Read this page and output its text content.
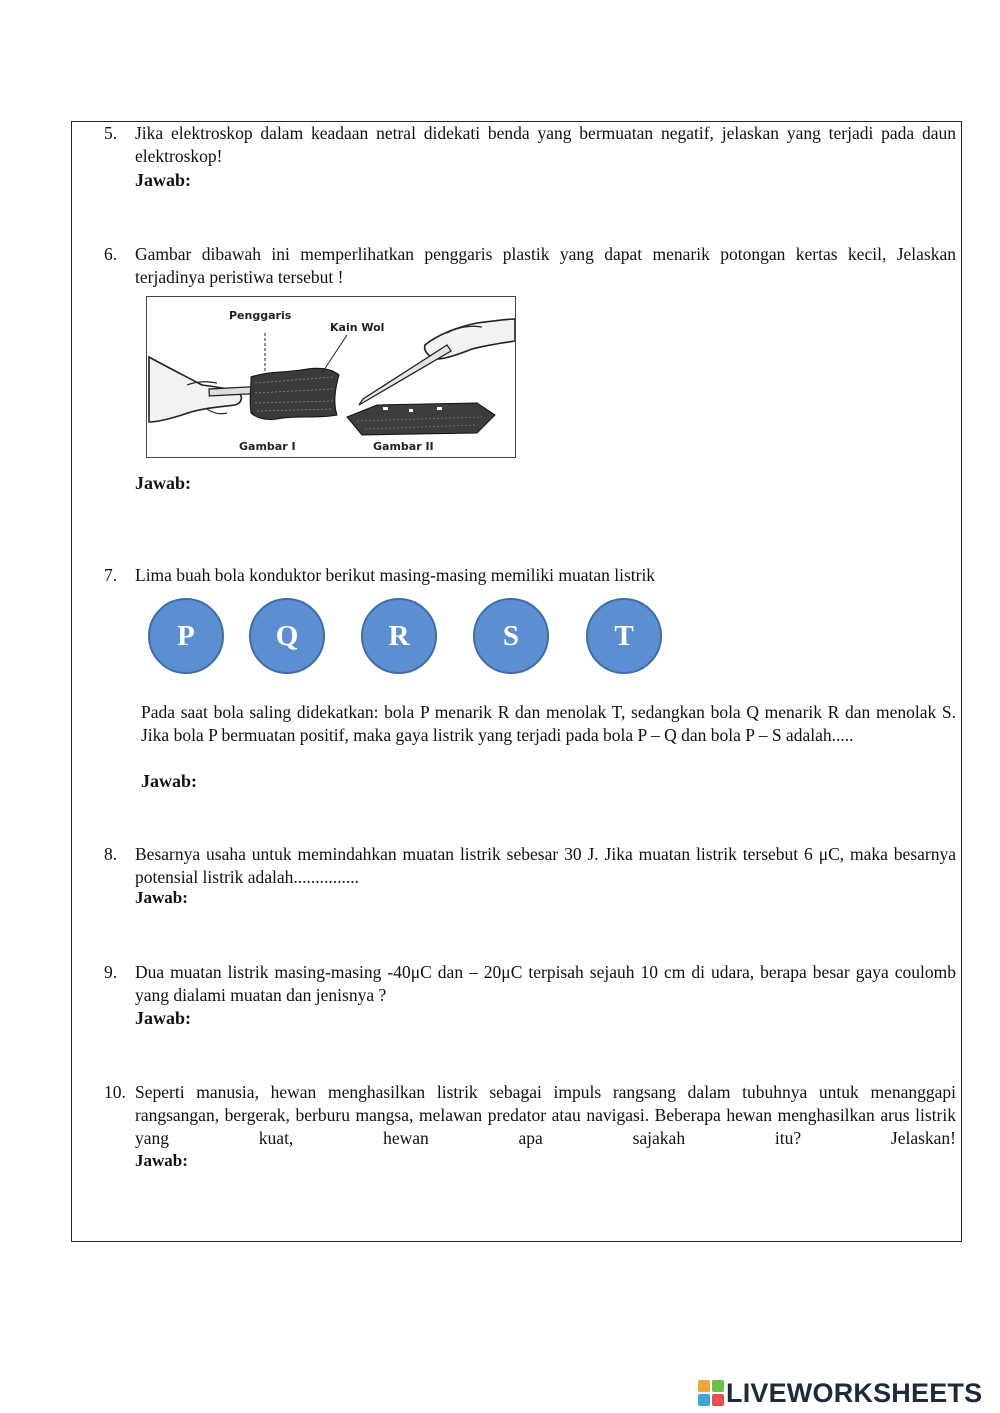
5. Jika elektroskop dalam keadaan netral didekati benda yang bermuatan negatif, jelaskan yang terjadi pada daun elektroskop!
Jawab:
6. Gambar dibawah ini memperlihatkan penggaris plastik yang dapat menarik potongan kertas kecil, Jelaskan terjadinya peristiwa tersebut !
Penggaris
Kain Wol
Gambar I	Gambar II
Jawab:
7. Lima buah bola konduktor berikut masing-masing memiliki muatan listrik
P	Q	R	S	T
Pada saat bola saling didekatkan: bola P menarik R dan menolak T, sedangkan bola Q menarik R dan menolak S. Jika bola P bermuatan positif, maka gaya listrik yang terjadi pada bola P – Q dan bola P – S adalah.....
Jawab:
8. Besarnya usaha untuk memindahkan muatan listrik sebesar 30 J. Jika muatan listrik tersebut 6 μC, maka besarnya potensial listrik adalah...............
Jawab:
9. Dua muatan listrik masing-masing -40μC dan – 20μC terpisah sejauh 10 cm di udara, berapa besar gaya coulomb yang dialami muatan dan jenisnya ?
Jawab:
10. Seperti manusia, hewan menghasilkan listrik sebagai impuls rangsang dalam tubuhnya untuk menanggapi rangsangan, bergerak, berburu mangsa, melawan predator atau navigasi. Beberapa hewan menghasilkan arus listrik yang kuat, hewan apa sajakah itu? Jelaskan!
Jawab:
LIVEWORKSHEETS
